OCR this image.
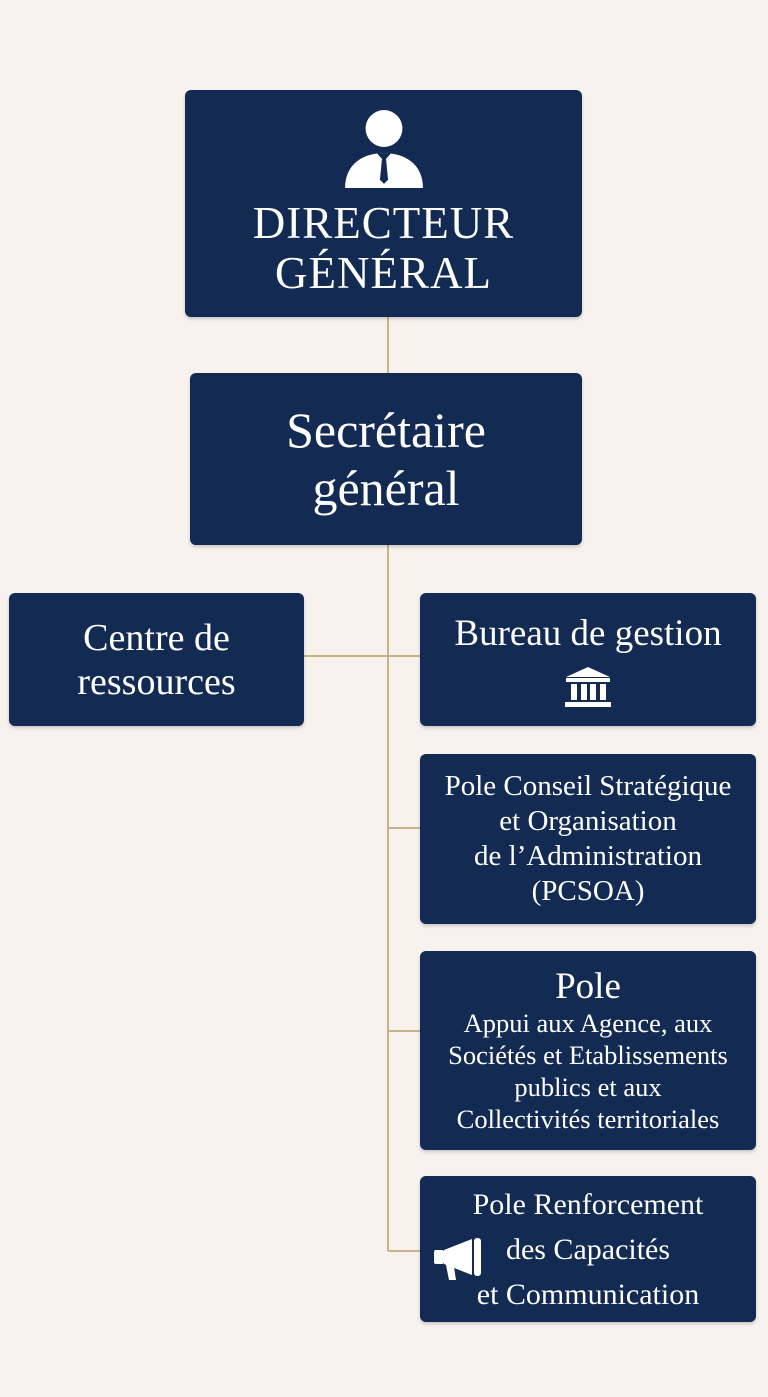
DIRECTEUR
GÉNÉRAL
Secrétaire
général
Centre de
ressources
Bureau de gestion
Pole Conseil Stratégique
et Organisation
de l’Administration
(PCSOA)
Pole
Appui aux Agence, aux
Sociétés et Etablissements
publics et aux
Collectivités territoriales
Pole Renforcement
des Capacités
et Communication
